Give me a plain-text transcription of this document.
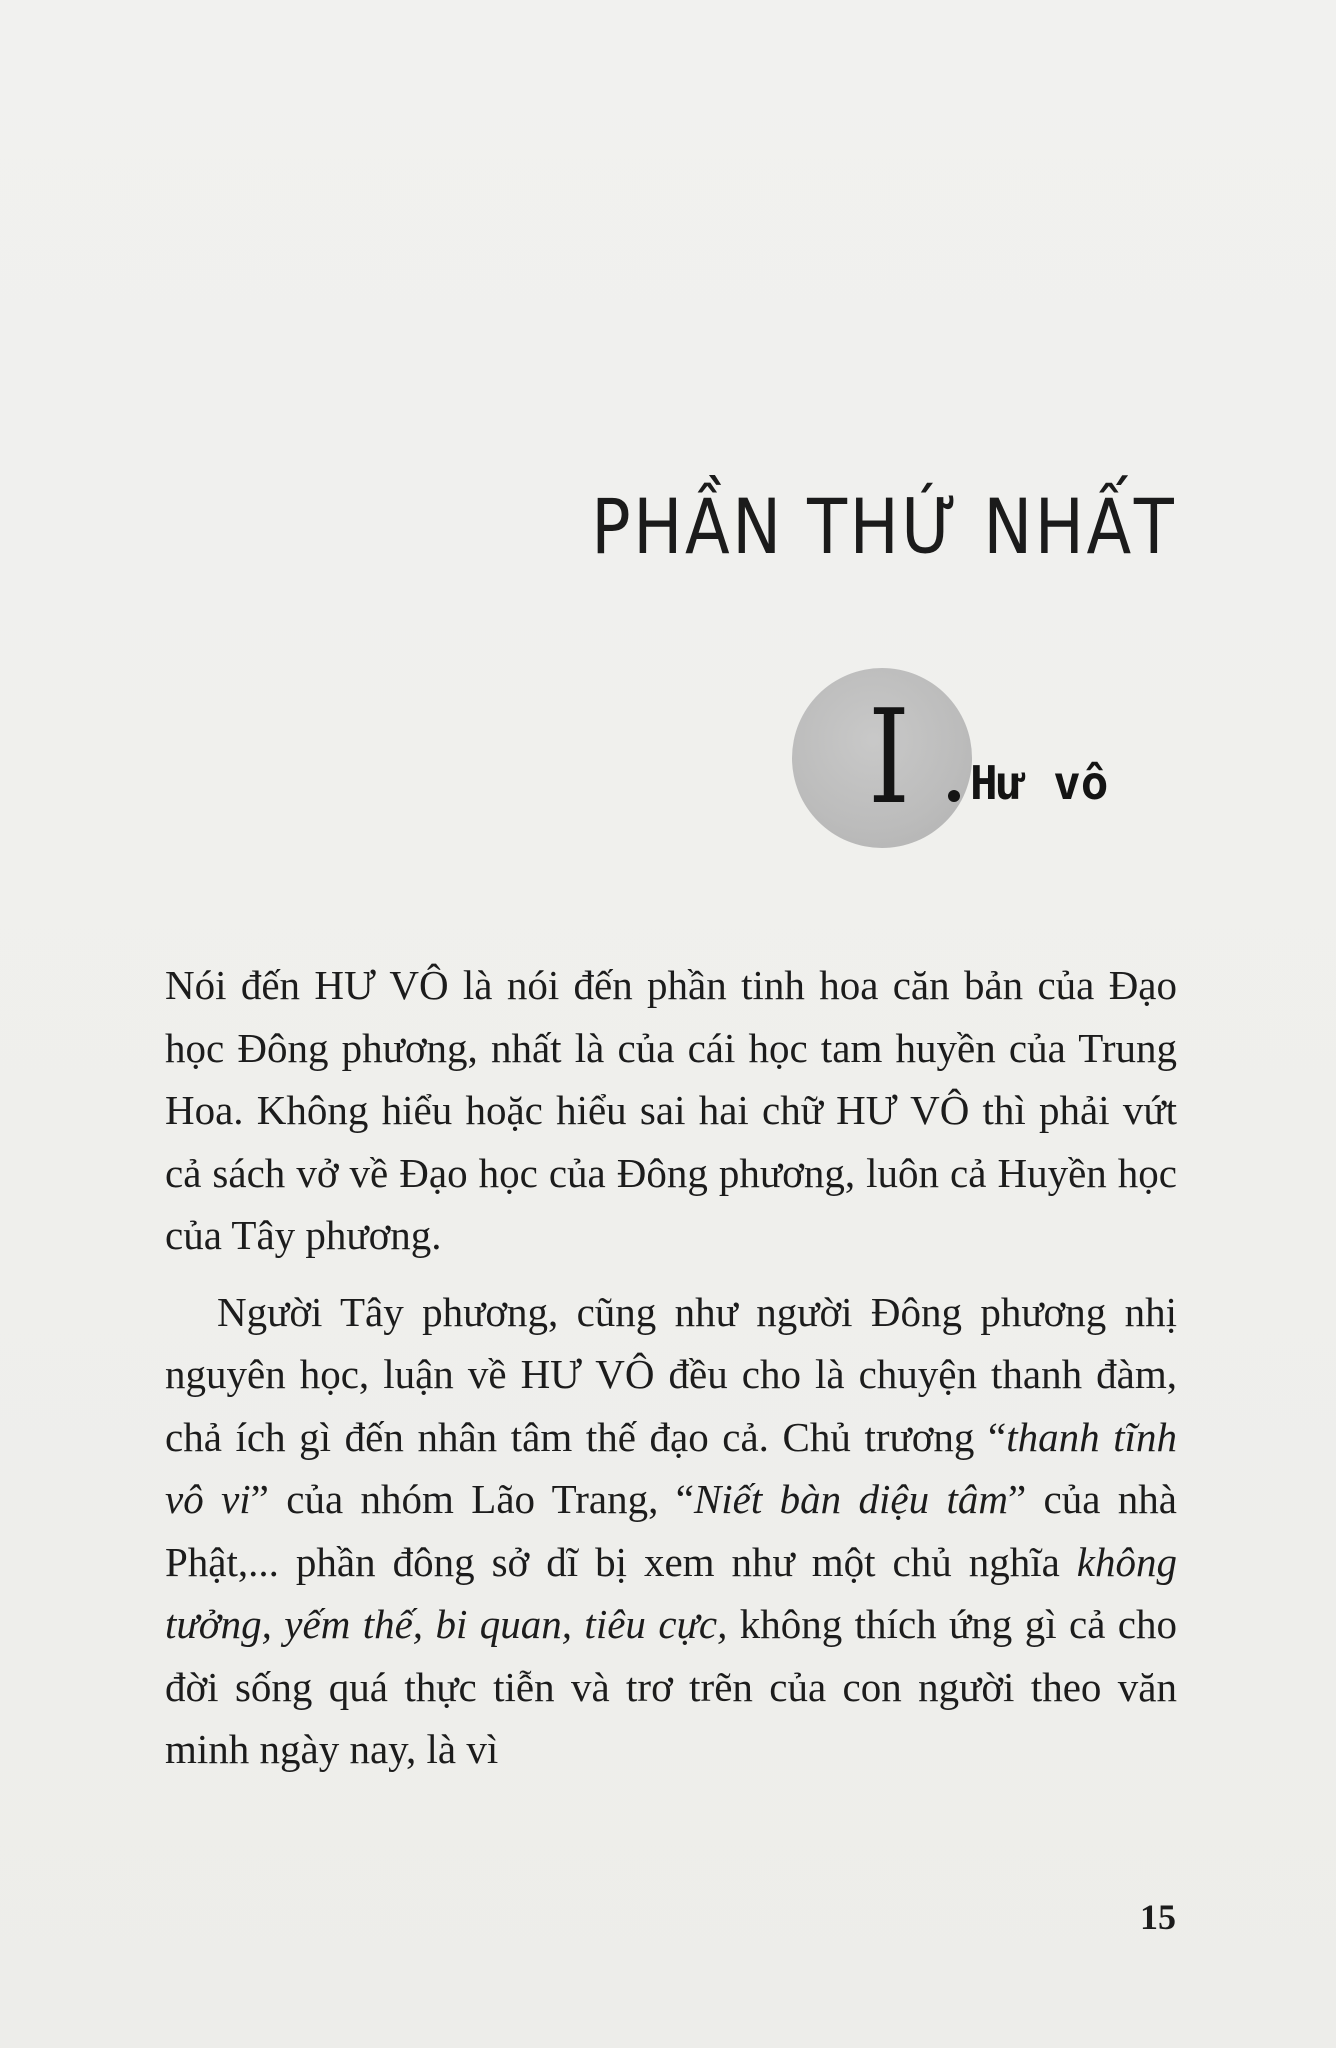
PHẦN THỨ NHẤT
I Hư vô

Nói đến HƯ VÔ là nói đến phần tinh hoa căn bản của Đạo học Đông phương, nhất là của cái học tam huyền của Trung Hoa. Không hiểu hoặc hiểu sai hai chữ HƯ VÔ thì phải vứt cả sách vở về Đạo học của Đông phương, luôn cả Huyền học của Tây phương.

Người Tây phương, cũng như người Đông phương nhị nguyên học, luận về HƯ VÔ đều cho là chuyện thanh đàm, chả ích gì đến nhân tâm thế đạo cả. Chủ trương “thanh tĩnh vô vi” của nhóm Lão Trang, “Niết bàn diệu tâm” của nhà Phật,... phần đông sở dĩ bị xem như một chủ nghĩa không tưởng, yếm thế, bi quan, tiêu cực, không thích ứng gì cả cho đời sống quá thực tiễn và trơ trẽn của con người theo văn minh ngày nay, là vì

15
